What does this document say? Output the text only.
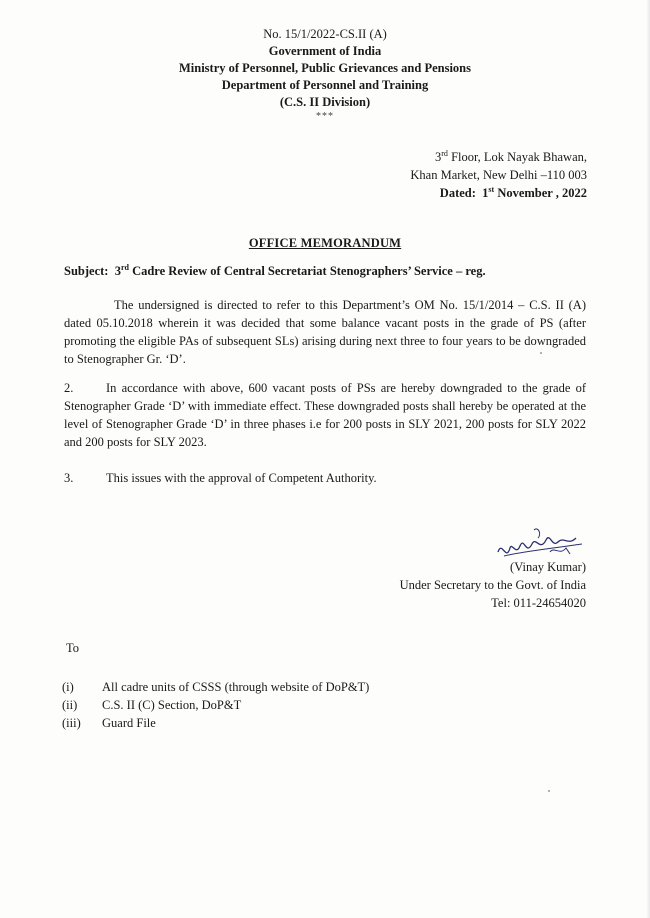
No. 15/1/2022-CS.II (A)
Government of India
Ministry of Personnel, Public Grievances and Pensions
Department of Personnel and Training
(C.S. II Division)
***
3rd Floor, Lok Nayak Bhawan,
Khan Market, New Delhi –110 003
Dated: 1st November , 2022
OFFICE MEMORANDUM
Subject: 3rd Cadre Review of Central Secretariat Stenographers’ Service – reg.
The undersigned is directed to refer to this Department’s OM No. 15/1/2014 – C.S. II (A) dated 05.10.2018 wherein it was decided that some balance vacant posts in the grade of PS (after promoting the eligible PAs of subsequent SLs) arising during next three to four years to be downgraded to Stenographer Gr. ‘D’.
2.	In accordance with above, 600 vacant posts of PSs are hereby downgraded to the grade of Stenographer Grade ‘D’ with immediate effect. These downgraded posts shall hereby be operated at the level of Stenographer Grade ‘D’ in three phases i.e for 200 posts in SLY 2021, 200 posts for SLY 2022 and 200 posts for SLY 2023.
3.	This issues with the approval of Competent Authority.
(Vinay Kumar)
Under Secretary to the Govt. of India
Tel: 011-24654020
To
(i)	All cadre units of CSSS (through website of DoP&T)
(ii)	C.S. II (C) Section, DoP&T
(iii)	Guard File
